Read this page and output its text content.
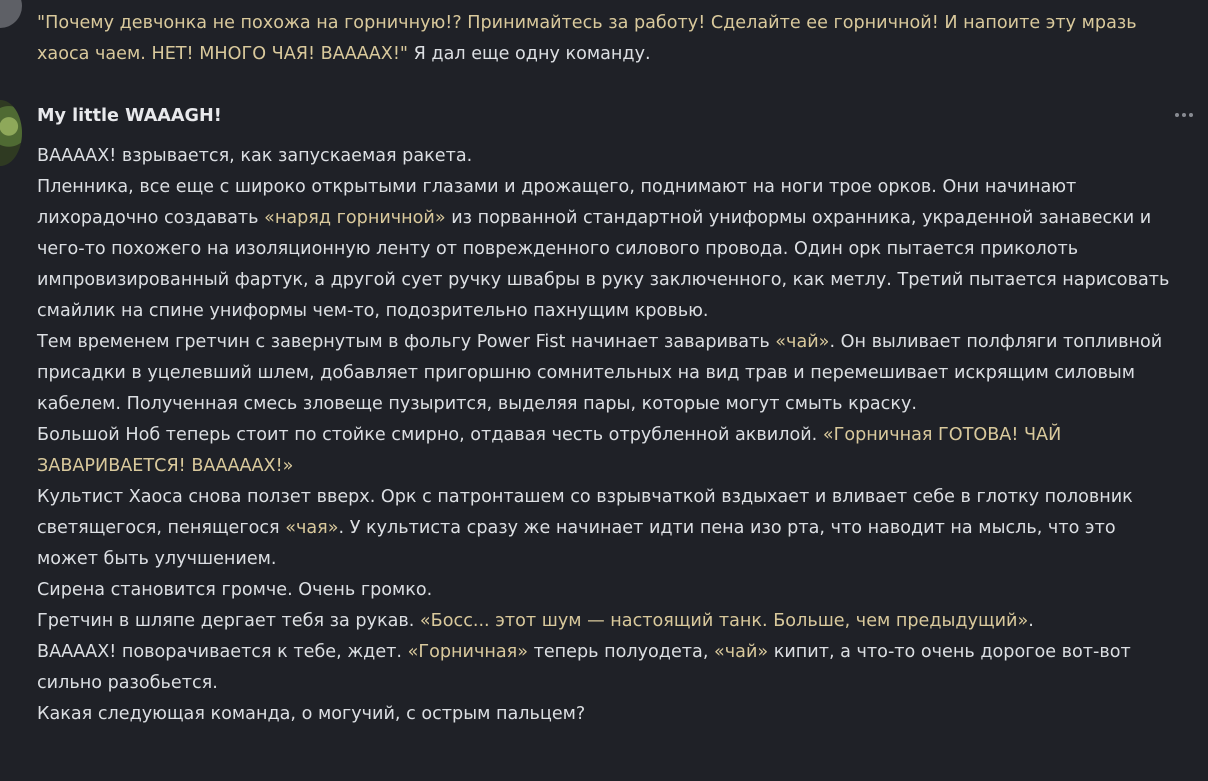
"Почему девчонка не похожа на горничную!? Принимайтесь за работу! Сделайте ее горничной! И напоите эту мразь хаоса чаем. НЕТ! МНОГО ЧАЯ! ВАААAX!" Я дал еще одну команду.
My little WAAAGH!

ВААААХ! взрывается, как запускаемая ракета.

Пленника, все еще с широко открытыми глазами и дрожащего, поднимают на ноги трое орков. Они начинают лихорадочно создавать «наряд горничной» из порванной стандартной униформы охранника, украденной занавески и чего-то похожего на изоляционную ленту от поврежденного силового провода. Один орк пытается приколоть импровизированный фартук, а другой сует ручку швабры в руку заключенного, как метлу. Третий пытается нарисовать смайлик на спине униформы чем-то, подозрительно пахнущим кровью.

Тем временем гретчин с завернутым в фольгу Power Fist начинает заваривать «чай». Он выливает полфляги топливной присадки в уцелевший шлем, добавляет пригоршню сомнительных на вид трав и перемешивает искрящим силовым кабелем. Полученная смесь зловеще пузырится, выделяя пары, которые могут смыть краску.

Большой Ноб теперь стоит по стойке смирно, отдавая честь отрубленной аквилой. «Горничная ГОТОВА! ЧАЙ ЗАВАРИВАЕТСЯ! ВАААААХ!»

Культист Хаоса снова ползет вверх. Орк с патронташем со взрывчаткой вздыхает и вливает себе в глотку половник светящегося, пенящегося «чая». У культиста сразу же начинает идти пена изо рта, что наводит на мысль, что это может быть улучшением.

Сирена становится громче. Очень громко.

Гретчин в шляпе дергает тебя за рукав. «Босс... этот шум — настоящий танк. Больше, чем предыдущий».

ВААААХ! поворачивается к тебе, ждет. «Горничная» теперь полуодета, «чай» кипит, а что-то очень дорогое вот-вот сильно разобьется.

Какая следующая команда, о могучий, с острым пальцем?
